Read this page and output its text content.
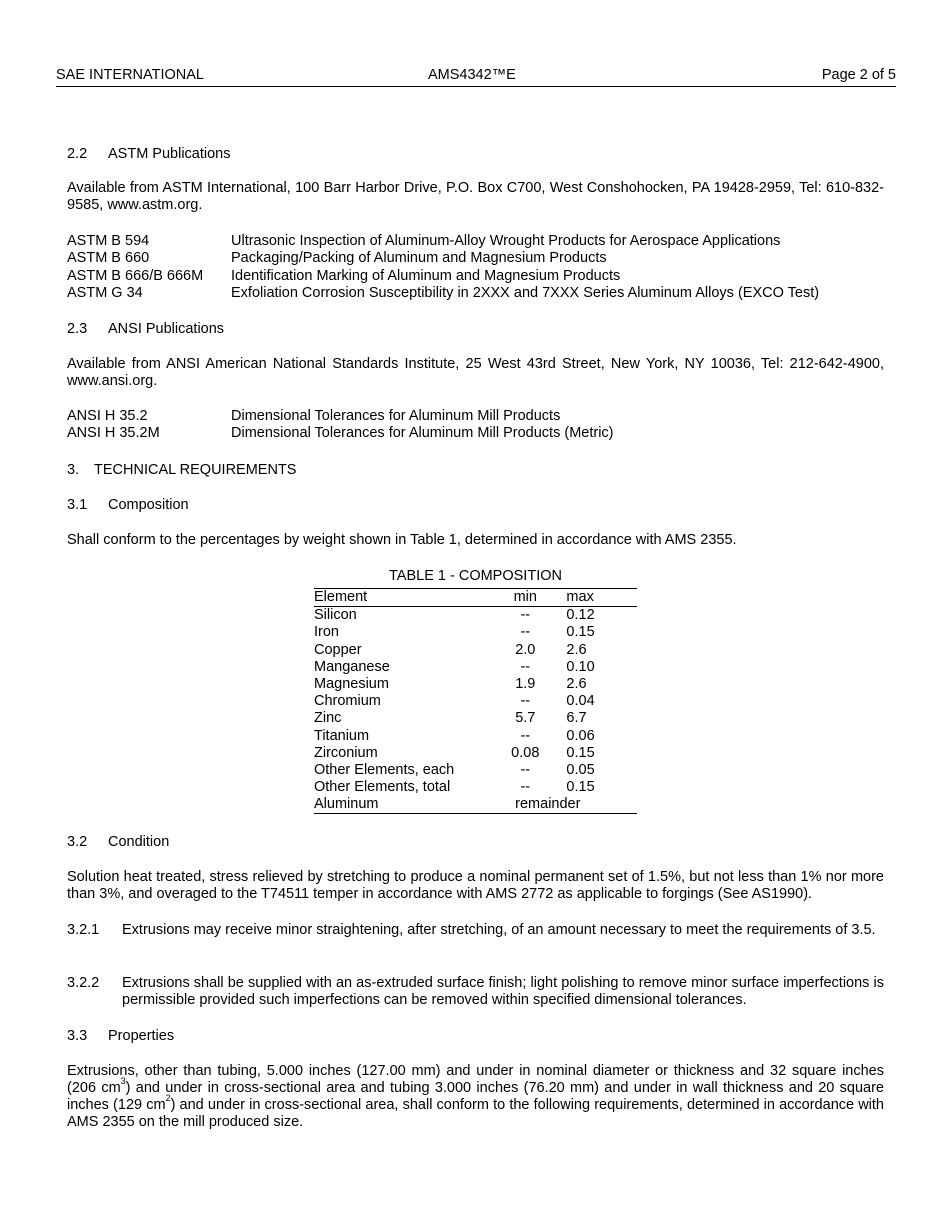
SAE INTERNATIONAL	AMS4342™E	Page 2 of 5
2.2 ASTM Publications
Available from ASTM International, 100 Barr Harbor Drive, P.O. Box C700, West Conshohocken, PA 19428-2959, Tel: 610-832-9585, www.astm.org.
ASTM B 594	Ultrasonic Inspection of Aluminum-Alloy Wrought Products for Aerospace Applications
ASTM B 660	Packaging/Packing of Aluminum and Magnesium Products
ASTM B 666/B 666M	Identification Marking of Aluminum and Magnesium Products
ASTM G 34	Exfoliation Corrosion Susceptibility in 2XXX and 7XXX Series Aluminum Alloys (EXCO Test)
2.3 ANSI Publications
Available from ANSI American National Standards Institute, 25 West 43rd Street, New York, NY 10036, Tel: 212-642-4900, www.ansi.org.
ANSI H 35.2	Dimensional Tolerances for Aluminum Mill Products
ANSI H 35.2M	Dimensional Tolerances for Aluminum Mill Products (Metric)
3. TECHNICAL REQUIREMENTS
3.1 Composition
Shall conform to the percentages by weight shown in Table 1, determined in accordance with AMS 2355.
TABLE 1 - COMPOSITION
Element	min	max
Silicon	--	0.12
Iron	--	0.15
Copper	2.0	2.6
Manganese	--	0.10
Magnesium	1.9	2.6
Chromium	--	0.04
Zinc	5.7	6.7
Titanium	--	0.06
Zirconium	0.08	0.15
Other Elements, each	--	0.05
Other Elements, total	--	0.15
Aluminum	remainder	
3.2 Condition
Solution heat treated, stress relieved by stretching to produce a nominal permanent set of 1.5%, but not less than 1% nor more than 3%, and overaged to the T74511 temper in accordance with AMS 2772 as applicable to forgings (See AS1990).
3.2.1	Extrusions may receive minor straightening, after stretching, of an amount necessary to meet the requirements of 3.5.
3.2.2	Extrusions shall be supplied with an as-extruded surface finish; light polishing to remove minor surface imperfections is permissible provided such imperfections can be removed within specified dimensional tolerances.
3.3 Properties
Extrusions, other than tubing, 5.000 inches (127.00 mm) and under in nominal diameter or thickness and 32 square inches (206 $cm^3$) and under in cross-sectional area and tubing 3.000 inches (76.20 mm) and under in wall thickness and 20 square inches (129 $cm^2$) and under in cross-sectional area, shall conform to the following requirements, determined in accordance with AMS 2355 on the mill produced size.
